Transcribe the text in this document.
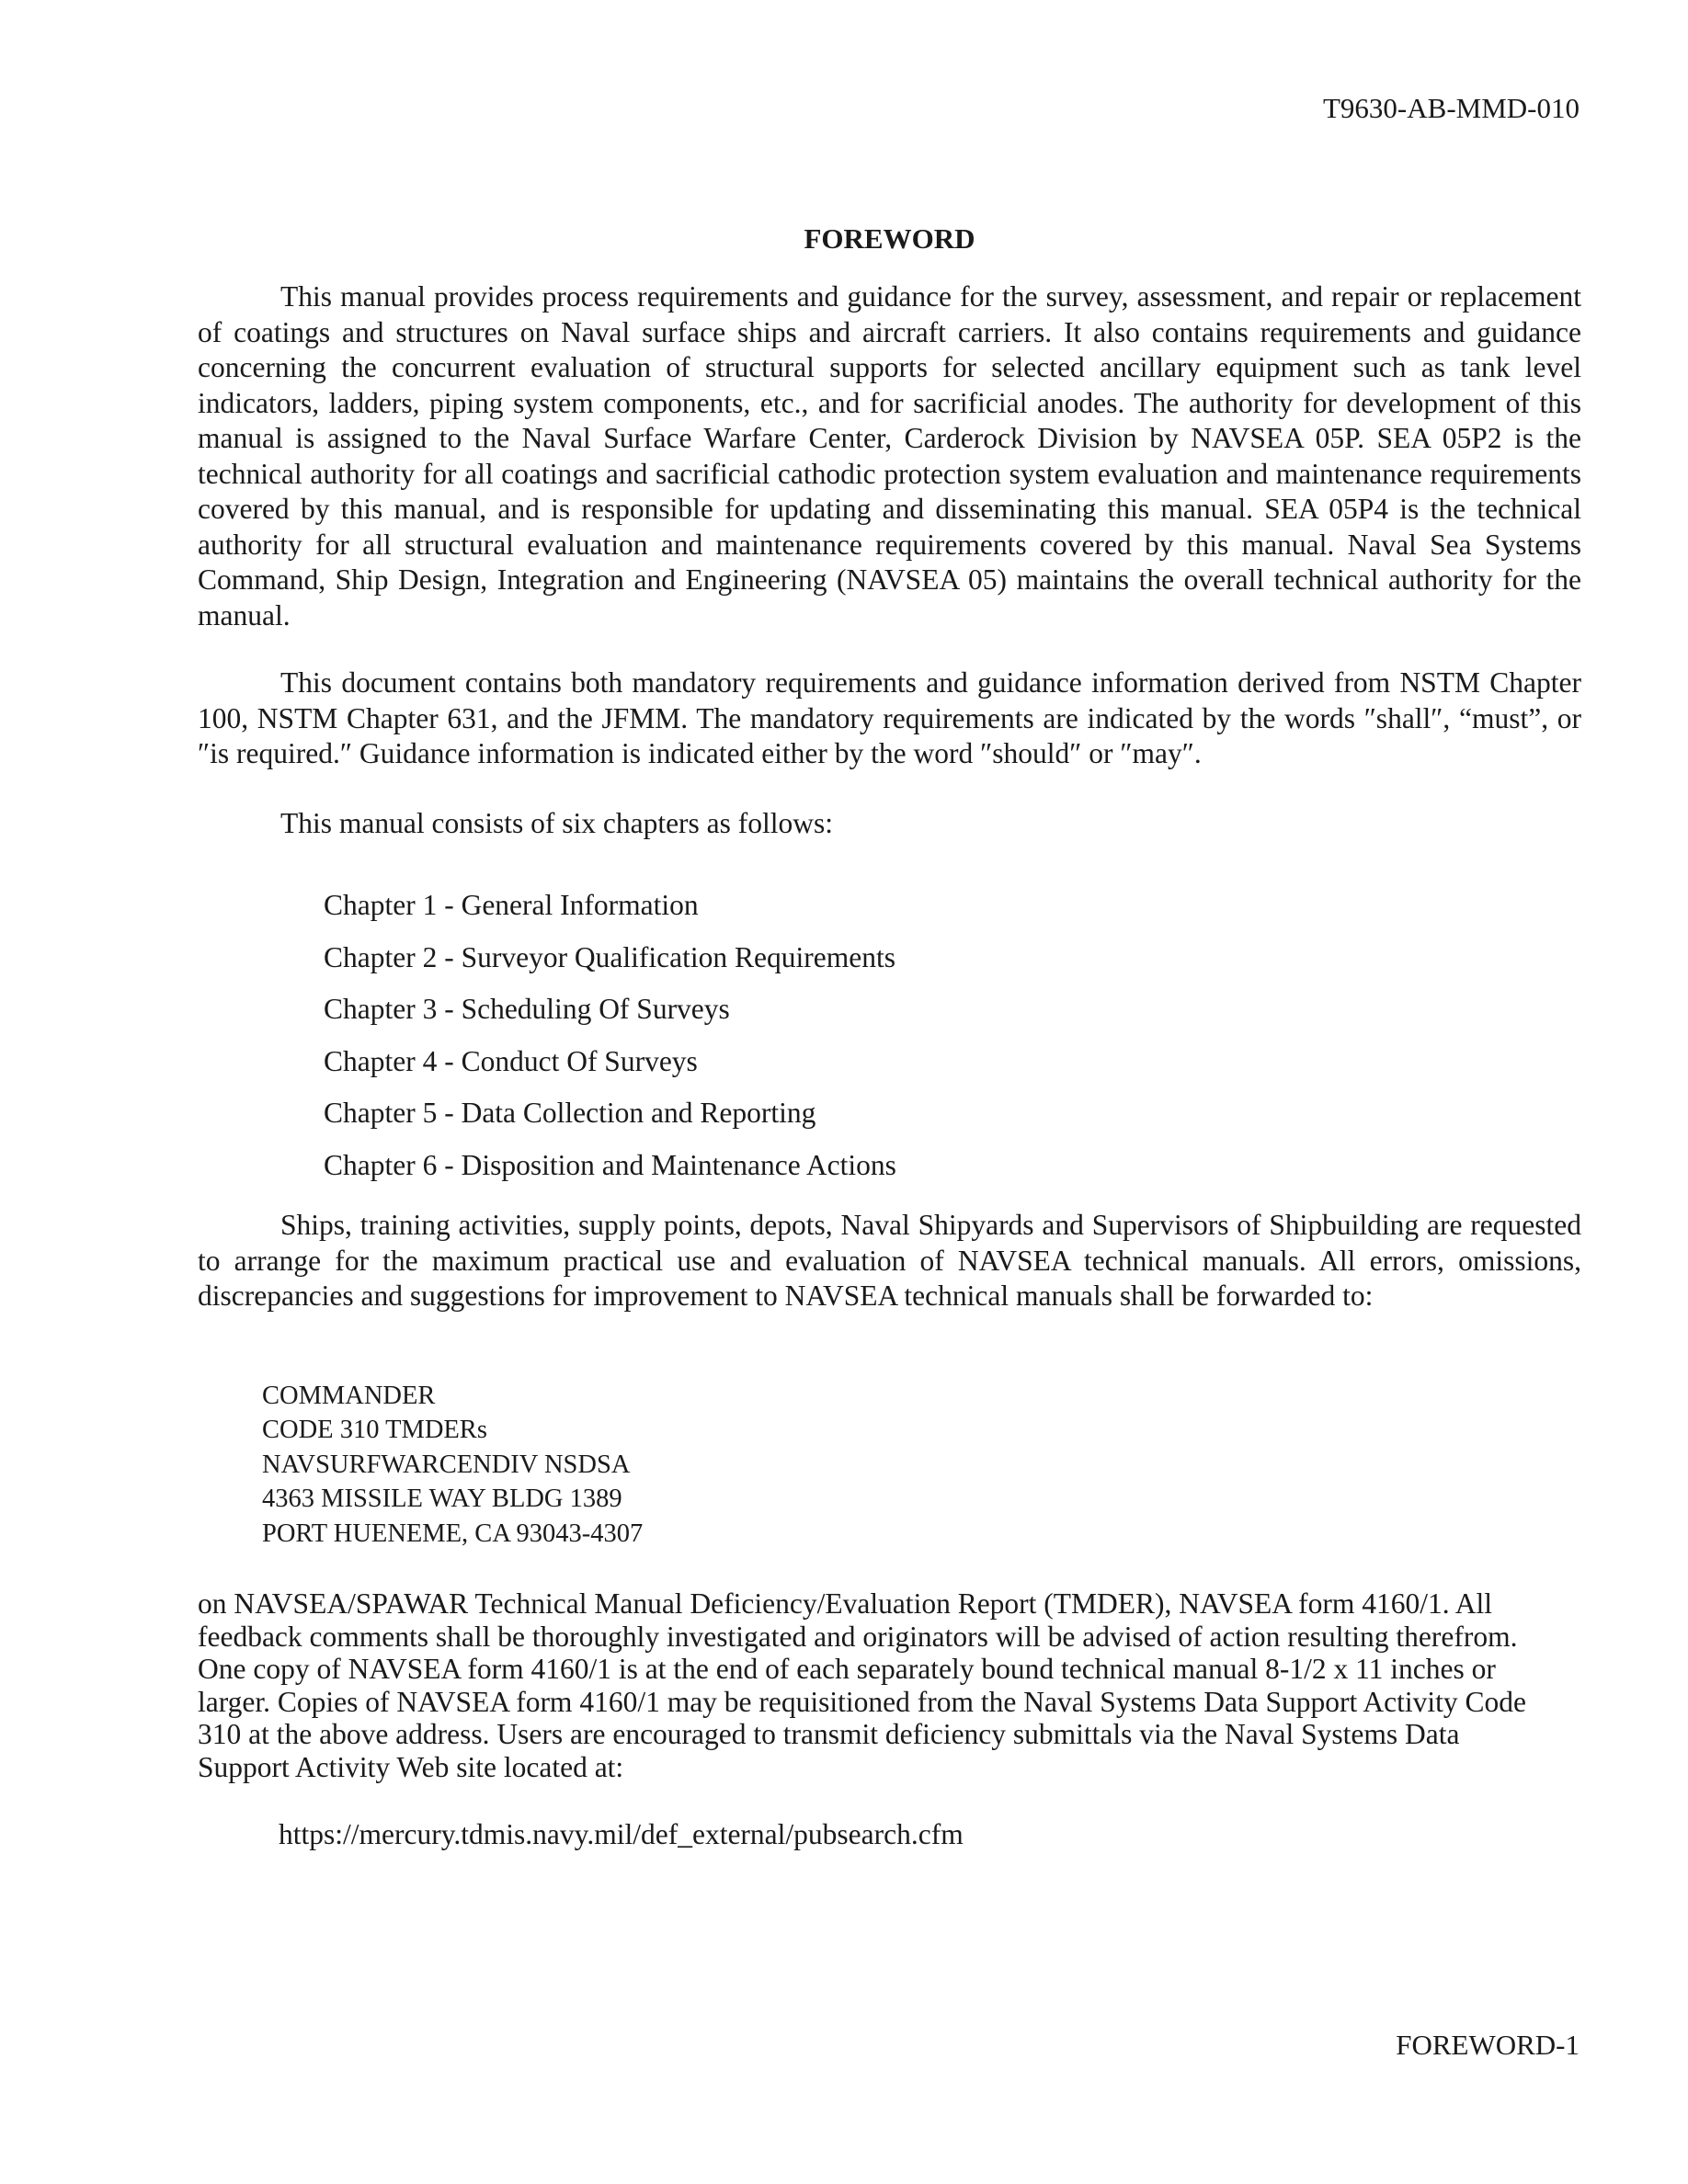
T9630-AB-MMD-010
FOREWORD

This manual provides process requirements and guidance for the survey, assessment, and repair or replacement of coatings and structures on Naval surface ships and aircraft carriers. It also contains requirements and guidance concerning the concurrent evaluation of structural supports for selected ancillary equipment such as tank level indicators, ladders, piping system components, etc., and for sacrificial anodes. The authority for development of this manual is assigned to the Naval Surface Warfare Center, Carderock Division by NAVSEA 05P. SEA 05P2 is the technical authority for all coatings and sacrificial cathodic protection system evaluation and maintenance requirements covered by this manual, and is responsible for updating and disseminating this manual. SEA 05P4 is the technical authority for all structural evaluation and maintenance requirements covered by this manual. Naval Sea Systems Command, Ship Design, Integration and Engineering (NAVSEA 05) maintains the overall technical authority for the manual.

This document contains both mandatory requirements and guidance information derived from NSTM Chapter 100, NSTM Chapter 631, and the JFMM. The mandatory requirements are indicated by the words ″shall″, “must”, or ″is required.″ Guidance information is indicated either by the word ″should″ or ″may″.

This manual consists of six chapters as follows:

Chapter 1 - General Information
Chapter 2 - Surveyor Qualification Requirements
Chapter 3 - Scheduling Of Surveys
Chapter 4 - Conduct Of Surveys
Chapter 5 - Data Collection and Reporting
Chapter 6 - Disposition and Maintenance Actions

Ships, training activities, supply points, depots, Naval Shipyards and Supervisors of Shipbuilding are requested to arrange for the maximum practical use and evaluation of NAVSEA technical manuals. All errors, omissions, discrepancies and suggestions for improvement to NAVSEA technical manuals shall be forwarded to:

COMMANDER
CODE 310 TMDERs
NAVSURFWARCENDIV NSDSA
4363 MISSILE WAY BLDG 1389
PORT HUENEME, CA 93043-4307

on NAVSEA/SPAWAR Technical Manual Deficiency/Evaluation Report (TMDER), NAVSEA form 4160/1. All feedback comments shall be thoroughly investigated and originators will be advised of action resulting therefrom. One copy of NAVSEA form 4160/1 is at the end of each separately bound technical manual 8-1/2 x 11 inches or larger. Copies of NAVSEA form 4160/1 may be requisitioned from the Naval Systems Data Support Activity Code 310 at the above address. Users are encouraged to transmit deficiency submittals via the Naval Systems Data Support Activity Web site located at:

https://mercury.tdmis.navy.mil/def_external/pubsearch.cfm
FOREWORD-1
